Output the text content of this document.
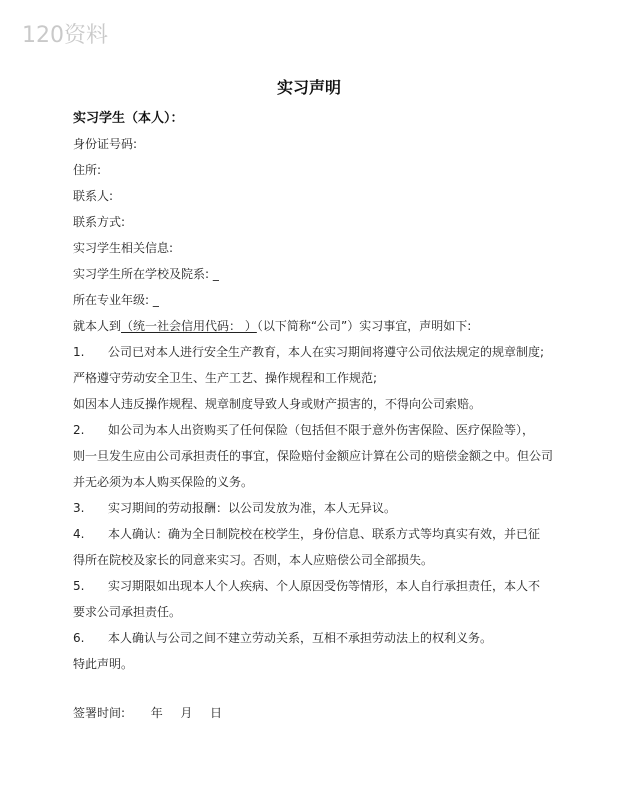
120资料
实习声明
实习学生（本人）：
身份证号码:
住所:
联系人:
联系方式:
实习学生相关信息:
实习学生所在学校及院系: _
所在专业年级: _
就本人到（统一社会信用代码： ）（以下简称“公司”）实习事宜，声明如下:
1. 公司已对本人进行安全生产教育，本人在实习期间将遵守公司依法规定的规章制度;
严格遵守劳动安全卫生、生产工艺、操作规程和工作规范;
如因本人违反操作规程、规章制度导致人身或财产损害的，不得向公司索赔。
2. 如公司为本人出资购买了任何保险（包括但不限于意外伤害保险、医疗保险等），
则一旦发生应由公司承担责任的事宜，保险赔付金额应计算在公司的赔偿金额之中。但公司
并无必须为本人购买保险的义务。
3. 实习期间的劳动报酬：以公司发放为准，本人无异议。
4. 本人确认：确为全日制院校在校学生，身份信息、联系方式等均真实有效，并已征
得所在院校及家长的同意来实习。否则，本人应赔偿公司全部损失。
5. 实习期限如出现本人个人疾病、个人原因受伤等情形，本人自行承担责任，本人不
要求公司承担责任。
6. 本人确认与公司之间不建立劳动关系，互相不承担劳动法上的权利义务。
特此声明。
签署时间: 年 月 日
